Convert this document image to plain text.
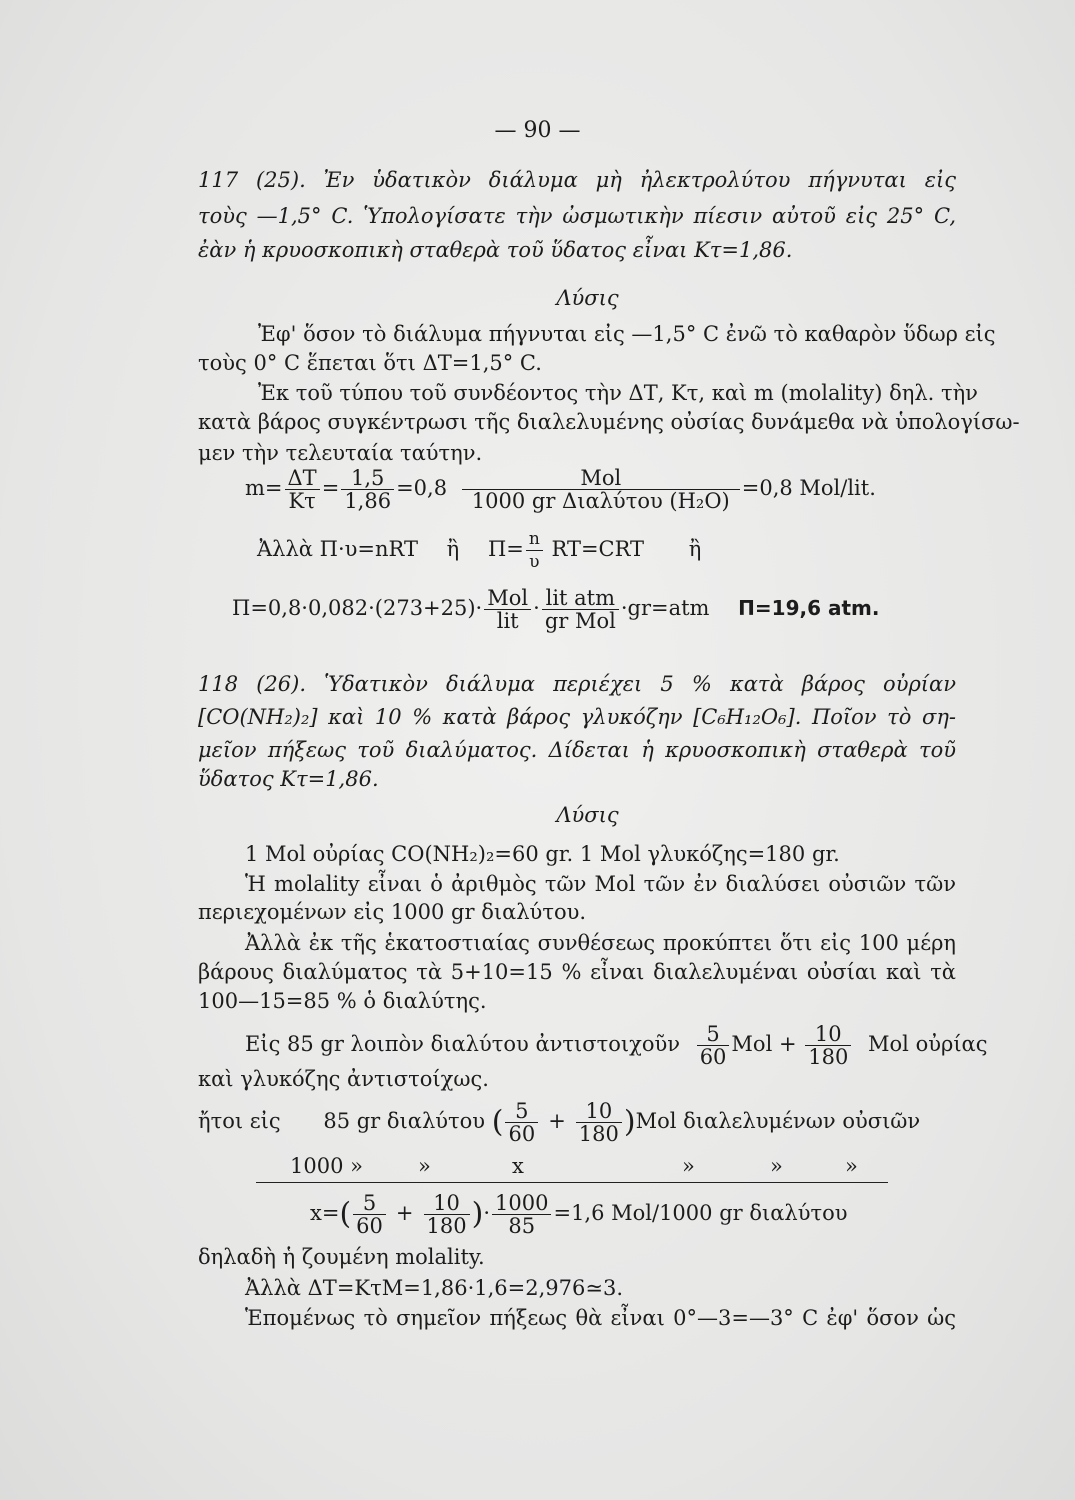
— 90 —
117 (25). Ἐν ὑδατικὸν διάλυμα μὴ ἠλεκτρολύτου πήγνυται εἰς
τοὺς —1,5° C. Ὑπολογίσατε τὴν ὠσμωτικὴν πίεσιν αὐτοῦ εἰς 25° C,
ἐὰν ἡ κρυοσκοπικὴ σταθερὰ τοῦ ὕδατος εἶναι Κτ=1,86.
Λύσις
Ἐφ' ὅσον τὸ διάλυμα πήγνυται εἰς —1,5° C ἐνῶ τὸ καθαρὸν ὕδωρ εἰς
τοὺς 0° C ἕπεται ὅτι ΔΤ=1,5° C.
Ἐκ τοῦ τύπου τοῦ συνδέοντος τὴν ΔΤ, Κτ, καὶ m (molality) δηλ. τὴν
κατὰ βάρος συγκέντρωσι τῆς διαλελυμένης οὐσίας δυνάμεθα νὰ ὑπολογίσω-
μεν τὴν τελευταία ταύτην.
$m= \frac{\Delta T}{K\tau} = \frac{1,5}{1,86} =0,8 \frac{\text{Mol}}{\text{1000 gr Διαλύτου (Η₂Ο)}} =0,8$ Mol/lit.
Ἀλλὰ Π·υ=nRT ἢ $\Pi= \frac{n}{\upsilon} RT=CRT$ ἢ
$\Pi=0,8\cdot 0,082\cdot(273+25)\cdot \frac{\text{Mol}}{\text{lit}} \cdot \frac{\text{lit atm}}{\text{gr Mol}} \cdot gr=atm$ Π=19,6 atm.
118 (26). Ὑδατικὸν διάλυμα περιέχει 5 % κατὰ βάρος οὐρίαν
[CO(NH₂)₂] καὶ 10 % κατὰ βάρος γλυκόζην [C₆H₁₂O₆]. Ποῖον τὸ ση-
μεῖον πήξεως τοῦ διαλύματος. Δίδεται ἡ κρυοσκοπικὴ σταθερὰ τοῦ
ὕδατος Κτ=1,86.
Λύσις
1 Mol οὐρίας CO(NH₂)₂=60 gr. 1 Mol γλυκόζης=180 gr.
Ἡ molality εἶναι ὁ ἀριθμὸς τῶν Mol τῶν ἐν διαλύσει οὐσιῶν τῶν
περιεχομένων εἰς 1000 gr διαλύτου.
Ἀλλὰ ἐκ τῆς ἑκατοστιαίας συνθέσεως προκύπτει ὅτι εἰς 100 μέρη
βάρους διαλύματος τὰ 5+10=15 % εἶναι διαλελυμέναι οὐσίαι καὶ τὰ
100—15=85 % ὁ διαλύτης.
Εἰς 85 gr λοιπὸν διαλύτου ἀντιστοιχοῦν $\frac{5}{60}$ Mol + $\frac{10}{180}$ Mol οὐρίας
καὶ γλυκόζης ἀντιστοίχως.
ἤτοι εἰς 85 gr διαλύτου ( $\frac{5}{60} + \frac{10}{180} )Mol$ διαλελυμένων οὐσιῶν
1000 »	»	x	»	»	»
$x=( \frac{5}{60} + \frac{10}{180}$ )· $\frac{1000}{85} =1,6$ Mol/1000 gr διαλύτου
δηλαδὴ ἡ ζουμένη molality.
Ἀλλὰ ΔΤ=ΚτΜ=1,86·1,6=2,976≃3.
Ἑπομένως τὸ σημεῖον πήξεως θὰ εἶναι 0°—3=—3° C ἐφ' ὅσον ὡς
